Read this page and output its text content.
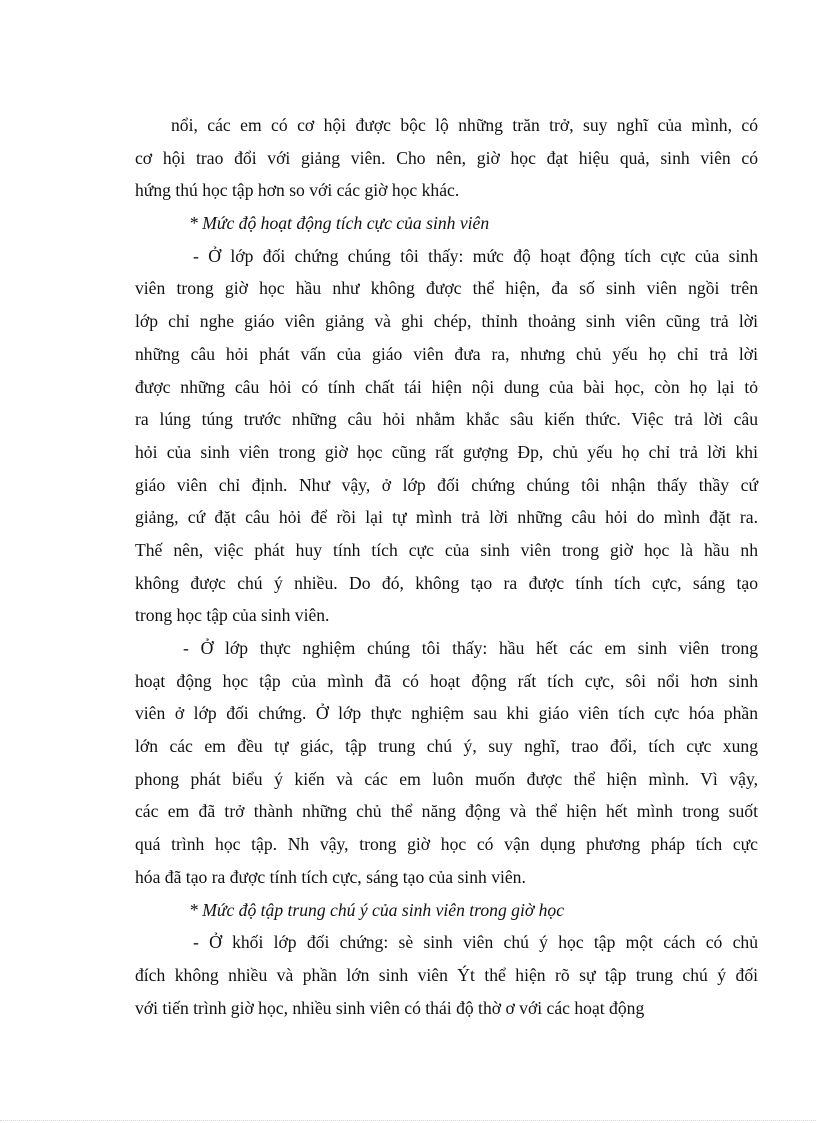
nổi, các em có cơ hội được bộc lộ những trăn trở, suy nghĩ của mình, có
cơ hội trao đổi với giảng viên. Cho nên, giờ học đạt hiệu quả, sinh viên có
hứng thú học tập hơn so với các giờ học khác.
* Mức độ hoạt động tích cực của sinh viên
- Ở lớp đối chứng chúng tôi thấy: mức độ hoạt động tích cực của sinh
viên trong giờ học hầu như không được thể hiện, đa số sinh viên ngồi trên
lớp chỉ nghe giáo viên giảng và ghi chép, thỉnh thoảng sinh viên cũng trả lời
những câu hỏi phát vấn của giáo viên đưa ra, nhưng chủ yếu họ chỉ trả lời
được những câu hỏi có tính chất tái hiện nội dung của bài học, còn họ lại tỏ
ra lúng túng trước những câu hỏi nhằm khắc sâu kiến thức. Việc trả lời câu
hỏi của sinh viên trong giờ học cũng rất gượng Đp, chủ yếu họ chỉ trả lời khi
giáo viên chỉ định. Như vậy, ở lớp đối chứng chúng tôi nhận thấy thầy cứ
giảng, cứ đặt câu hỏi để rồi lại tự mình trả lời những câu hỏi do mình đặt ra.
Thế nên, việc phát huy tính tích cực của sinh viên trong giờ học là hầu nh
không được chú ý nhiều. Do đó, không tạo ra được tính tích cực, sáng tạo
trong học tập của sinh viên.
- Ở lớp thực nghiệm chúng tôi thấy: hầu hết các em sinh viên trong
hoạt động học tập của mình đã có hoạt động rất tích cực, sôi nổi hơn sinh
viên ở lớp đối chứng. Ở lớp thực nghiệm sau khi giáo viên tích cực hóa phần
lớn các em đều tự giác, tập trung chú ý, suy nghĩ, trao đổi, tích cực xung
phong phát biểu ý kiến và các em luôn muốn được thể hiện mình. Vì vậy,
các em đã trở thành những chủ thể năng động và thể hiện hết mình trong suốt
quá trình học tập. Nh vậy, trong giờ học có vận dụng phương pháp tích cực
hóa đã tạo ra được tính tích cực, sáng tạo của sinh viên.
* Mức độ tập trung chú ý của sinh viên trong giờ học
- Ở khối lớp đối chứng: sè sinh viên chú ý học tập một cách có chủ
đích không nhiều và phần lớn sinh viên Ýt thể hiện rõ sự tập trung chú ý đối
với tiến trình giờ học, nhiều sinh viên có thái độ thờ ơ với các hoạt động
